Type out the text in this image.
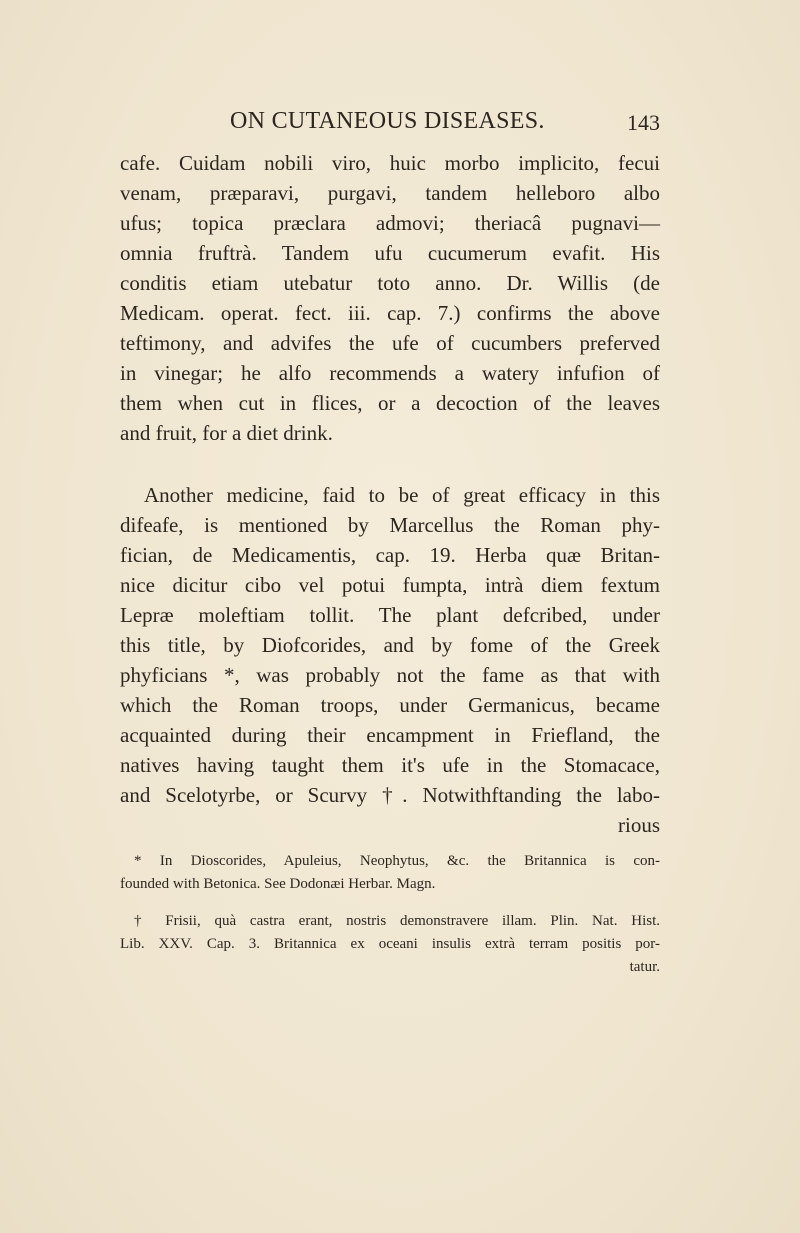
ON CUTANEOUS DISEASES.	143
cafe. Cuidam nobili viro, huic morbo implicito, fecui
venam, præparavi, purgavi, tandem helleboro albo
ufus; topica præclara admovi; theriacâ pugnavi—
omnia fruftrà. Tandem ufu cucumerum evafit. His
conditis etiam utebatur toto anno. Dr. Willis (de
Medicam. operat. fect. iii. cap. 7.) confirms the above
teftimony, and advifes the ufe of cucumbers preferved
in vinegar; he alfo recommends a watery infufion of
them when cut in flices, or a decoction of the leaves
and fruit, for a diet drink.
Another medicine, faid to be of great efficacy in this
difeafe, is mentioned by Marcellus the Roman phy-
fician, de Medicamentis, cap. 19. Herba quæ Britan-
nice dicitur cibo vel potui fumpta, intrà diem fextum
Lepræ moleftiam tollit. The plant defcribed, under
this title, by Diofcorides, and by fome of the Greek
phyficians *, was probably not the fame as that with
which the Roman troops, under Germanicus, became
acquainted during their encampment in Friefland, the
natives having taught them it's ufe in the Stomacace,
and Scelotyrbe, or Scurvy †. Notwithftanding the labo-
rious
* In Dioscorides, Apuleius, Neophytus, &c. the Britannica is con-
founded with Betonica. See Dodonæi Herbar. Magn.
† Frisii, quà castra erant, nostris demonstravere illam. Plin. Nat. Hist.
Lib. XXV. Cap. 3. Britannica ex oceani insulis extrà terram positis por-
tatur.
